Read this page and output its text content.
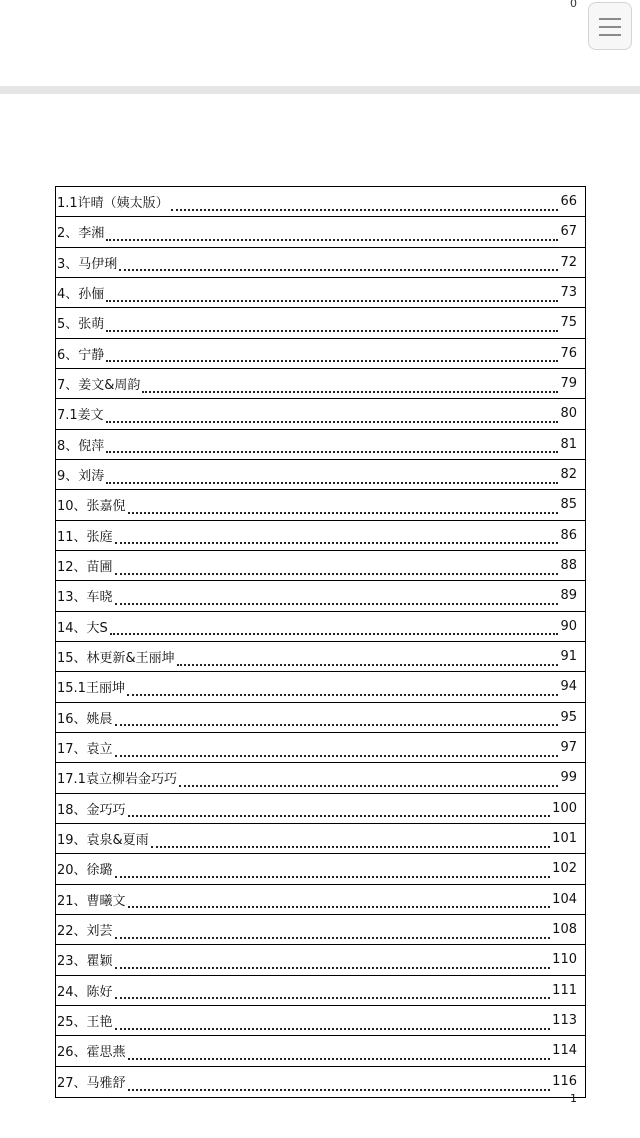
0
1.1许晴（姨太版）	66
2、李湘	67
3、马伊琍	72
4、孙俪	73
5、张萌	75
6、宁静	76
7、姜文&周韵	79
7.1姜文	80
8、倪萍	81
9、刘涛	82
10、张嘉倪	85
11、张庭	86
12、苗圃	88
13、车晓	89
14、大S	90
15、林更新&王丽坤	91
15.1王丽坤	94
16、姚晨	95
17、袁立	97
17.1袁立柳岩金巧巧	99
18、金巧巧	100
19、袁泉&夏雨	101
20、徐璐	102
21、曹曦文	104
22、刘芸	108
23、瞿颖	110
24、陈好	111
25、王艳	113
26、霍思燕	114
27、马雅舒	116
1
